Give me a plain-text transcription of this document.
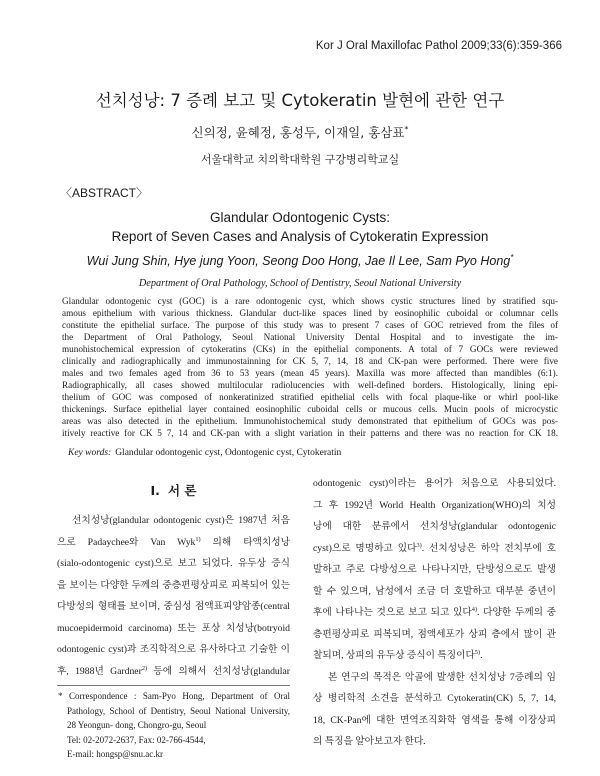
Kor J Oral Maxillofac Pathol 2009;33(6):359-366
선치성낭: 7 증례 보고 및 Cytokeratin 발현에 관한 연구
신의정, 윤혜정, 홍성두, 이재일, 홍삼표*
서울대학교 치의학대학원 구강병리학교실
〈ABSTRACT〉
Glandular Odontogenic Cysts:
Report of Seven Cases and Analysis of Cytokeratin Expression
Wui Jung Shin, Hye jung Yoon, Seong Doo Hong, Jae Il Lee, Sam Pyo Hong*
Department of Oral Pathology, School of Dentistry, Seoul National University
Glandular odontogenic cyst (GOC) is a rare odontogenic cyst, which shows cystic structures lined by stratified squ-
amous epithelium with various thickness. Glandular duct-like spaces lined by eosinophilic cuboidal or columnar cells
constitute the epithelial surface. The purpose of this study was to present 7 cases of GOC retrieved from the files of
the Department of Oral Pathology, Seoul National University Dental Hospital and to investigate the im-
munohistochemical expression of cytokeratins (CKs) in the epithelial components. A total of 7 GOCs were reviewed
clinically and radiographically and immunostainning for CK 5, 7, 14, 18 and CK-pan were performed. There were five
males and two females aged from 36 to 53 years (mean 45 years). Maxilla was more affected than mandibles (6:1).
Radiographically, all cases showed multilocular radiolucencies with well-defined borders. Histologically, lining epi-
thelium of GOC was composed of nonkeratinized stratified epithelial cells with focal plaque-like or whirl pool-like
thickenings. Surface epithelial layer contained eosinophilic cuboidal cells or mucous cells. Mucin pools of microcystic
areas was also detected in the epithelium. Immunohistochemical study demonstrated that epithelium of GOCs was pos-
itively reactive for CK 5 7, 14 and CK-pan with a slight variation in their patterns and there was no reaction for CK 18.
Key words: Glandular odontogenic cyst, Odontogenic cyst, Cytokeratin
I. 서 론
선치성낭(glandular odontogenic cyst)은 1987년 처음
으로 Padaychee와 Van Wyk$^{1)}$ 의해 타액치성낭
(sialo-odontogenic cyst)으로 보고 되었다. 유두상 증식
을 보이는 다양한 두께의 중층편평상피로 피복되어 있는
다방성의 형태를 보이며, 중심성 점액표피양암종(central
mucoepidermoid carcinoma) 또는 포상 치성낭(botryoid
odontogenic cyst)과 조직학적으로 유사하다고 기술한 이
후, 1988년 Gardner$^{2)}$ 등에 의해서 선치성낭(glandular
odontogenic cyst)이라는 용어가 처음으로 사용되었다.
그 후 1992년 World Health Organization(WHO)의 치성
낭에 대한 분류에서 선치성낭(glandular odontogenic
cyst)으로 명명하고 있다$^{3)}$. 선치성낭은 하악 전치부에 호
발하고 주로 다방성으로 나타나지만, 단방성으로도 발생
할 수 있으며, 남성에서 조금 더 호발하고 대부분 중년이
후에 나타나는 것으로 보고 되고 있다$^{4)}$. 다양한 두께의 중
층편평상피로 피복되며, 점액세포가 상피 층에서 많이 관
찰되며, 상피의 유두상 증식이 특징이다$^{5)}$.
본 연구의 목적은 악골에 발생한 선치성낭 7증례의 임
상 병리학적 소견을 분석하고 Cytokeratin(CK) 5, 7, 14,
18, CK-Pan에 대한 면역조직화학 염색을 통해 이장상피
의 특징을 알아보고자 한다.
* Correspondence : Sam-Pyo Hong, Department of Oral
Pathology, School of Dentistry, Seoul National University,
28 Yeongun- dong, Chongro-gu, Seoul
Tel: 02-2072-2637, Fax: 02-766-4544,
E-mail: hongsp@snu.ac.kr
